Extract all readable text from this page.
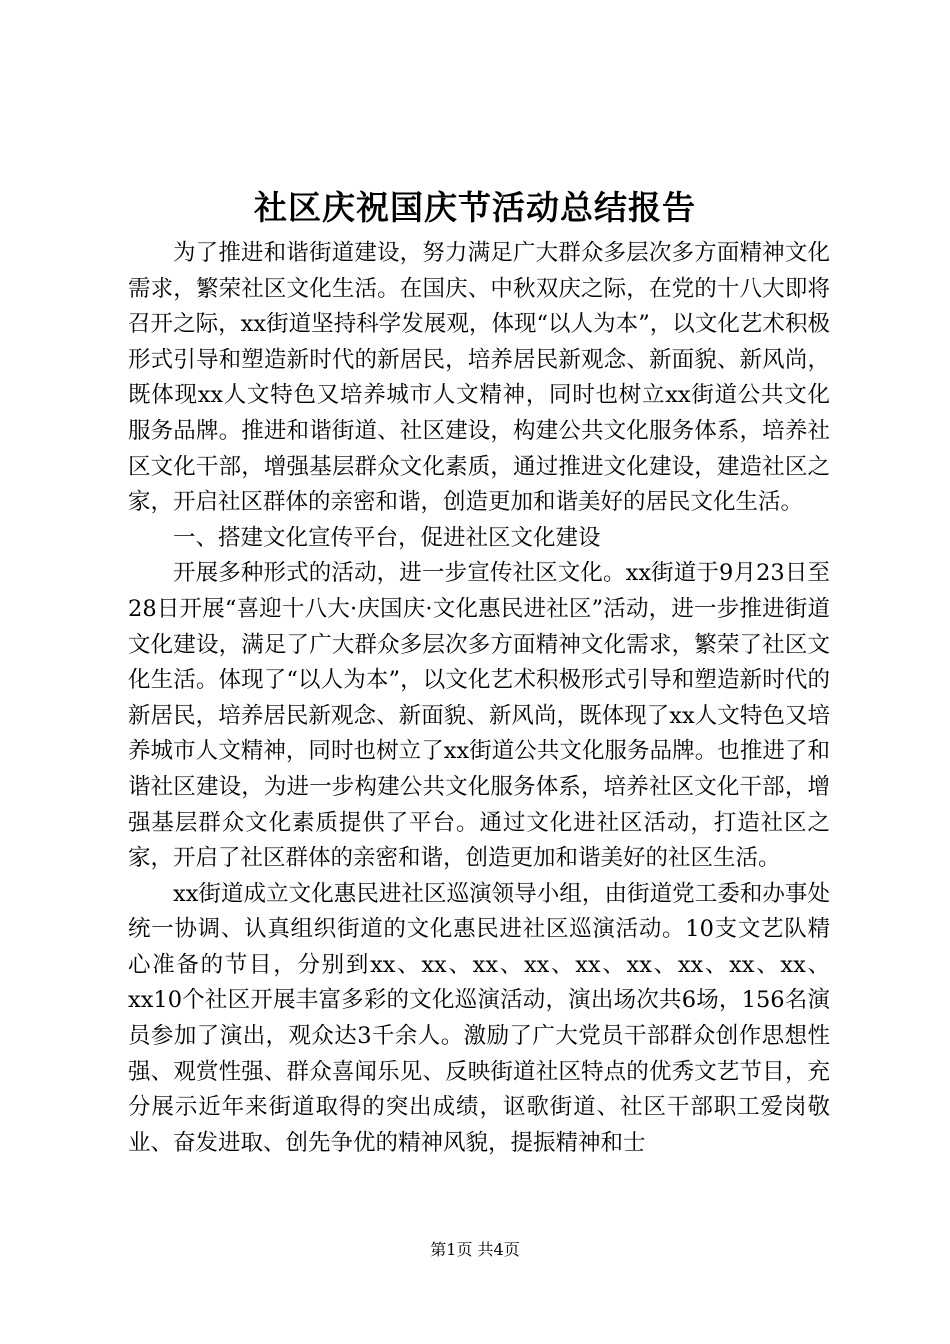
社区庆祝国庆节活动总结报告

为了推进和谐街道建设，努力满足广大群众多层次多方面精神文化需求，繁荣社区文化生活。在国庆、中秋双庆之际，在党的十八大即将召开之际，xx街道坚持科学发展观，体现“以人为本”，以文化艺术积极形式引导和塑造新时代的新居民，培养居民新观念、新面貌、新风尚，既体现xx人文特色又培养城市人文精神，同时也树立xx街道公共文化服务品牌。推进和谐街道、社区建设，构建公共文化服务体系，培养社区文化干部，增强基层群众文化素质，通过推进文化建设，建造社区之家，开启社区群体的亲密和谐，创造更加和谐美好的居民文化生活。

一、搭建文化宣传平台，促进社区文化建设

开展多种形式的活动，进一步宣传社区文化。xx街道于9月23日至28日开展“喜迎十八大·庆国庆·文化惠民进社区”活动，进一步推进街道文化建设，满足了广大群众多层次多方面精神文化需求，繁荣了社区文化生活。体现了“以人为本”，以文化艺术积极形式引导和塑造新时代的新居民，培养居民新观念、新面貌、新风尚，既体现了xx人文特色又培养城市人文精神，同时也树立了xx街道公共文化服务品牌。也推进了和谐社区建设，为进一步构建公共文化服务体系，培养社区文化干部，增强基层群众文化素质提供了平台。通过文化进社区活动，打造社区之家，开启了社区群体的亲密和谐，创造更加和谐美好的社区生活。

xx街道成立文化惠民进社区巡演领导小组，由街道党工委和办事处统一协调、认真组织街道的文化惠民进社区巡演活动。10支文艺队精心准备的节目，分别到xx、xx、xx、xx、xx、xx、xx、xx、xx、xx10个社区开展丰富多彩的文化巡演活动，演出场次共6场，156名演员参加了演出，观众达3千余人。激励了广大党员干部群众创作思想性强、观赏性强、群众喜闻乐见、反映街道社区特点的优秀文艺节目，充分展示近年来街道取得的突出成绩，讴歌街道、社区干部职工爱岗敬业、奋发进取、创先争优的精神风貌，提振精神和士

第1页 共4页
